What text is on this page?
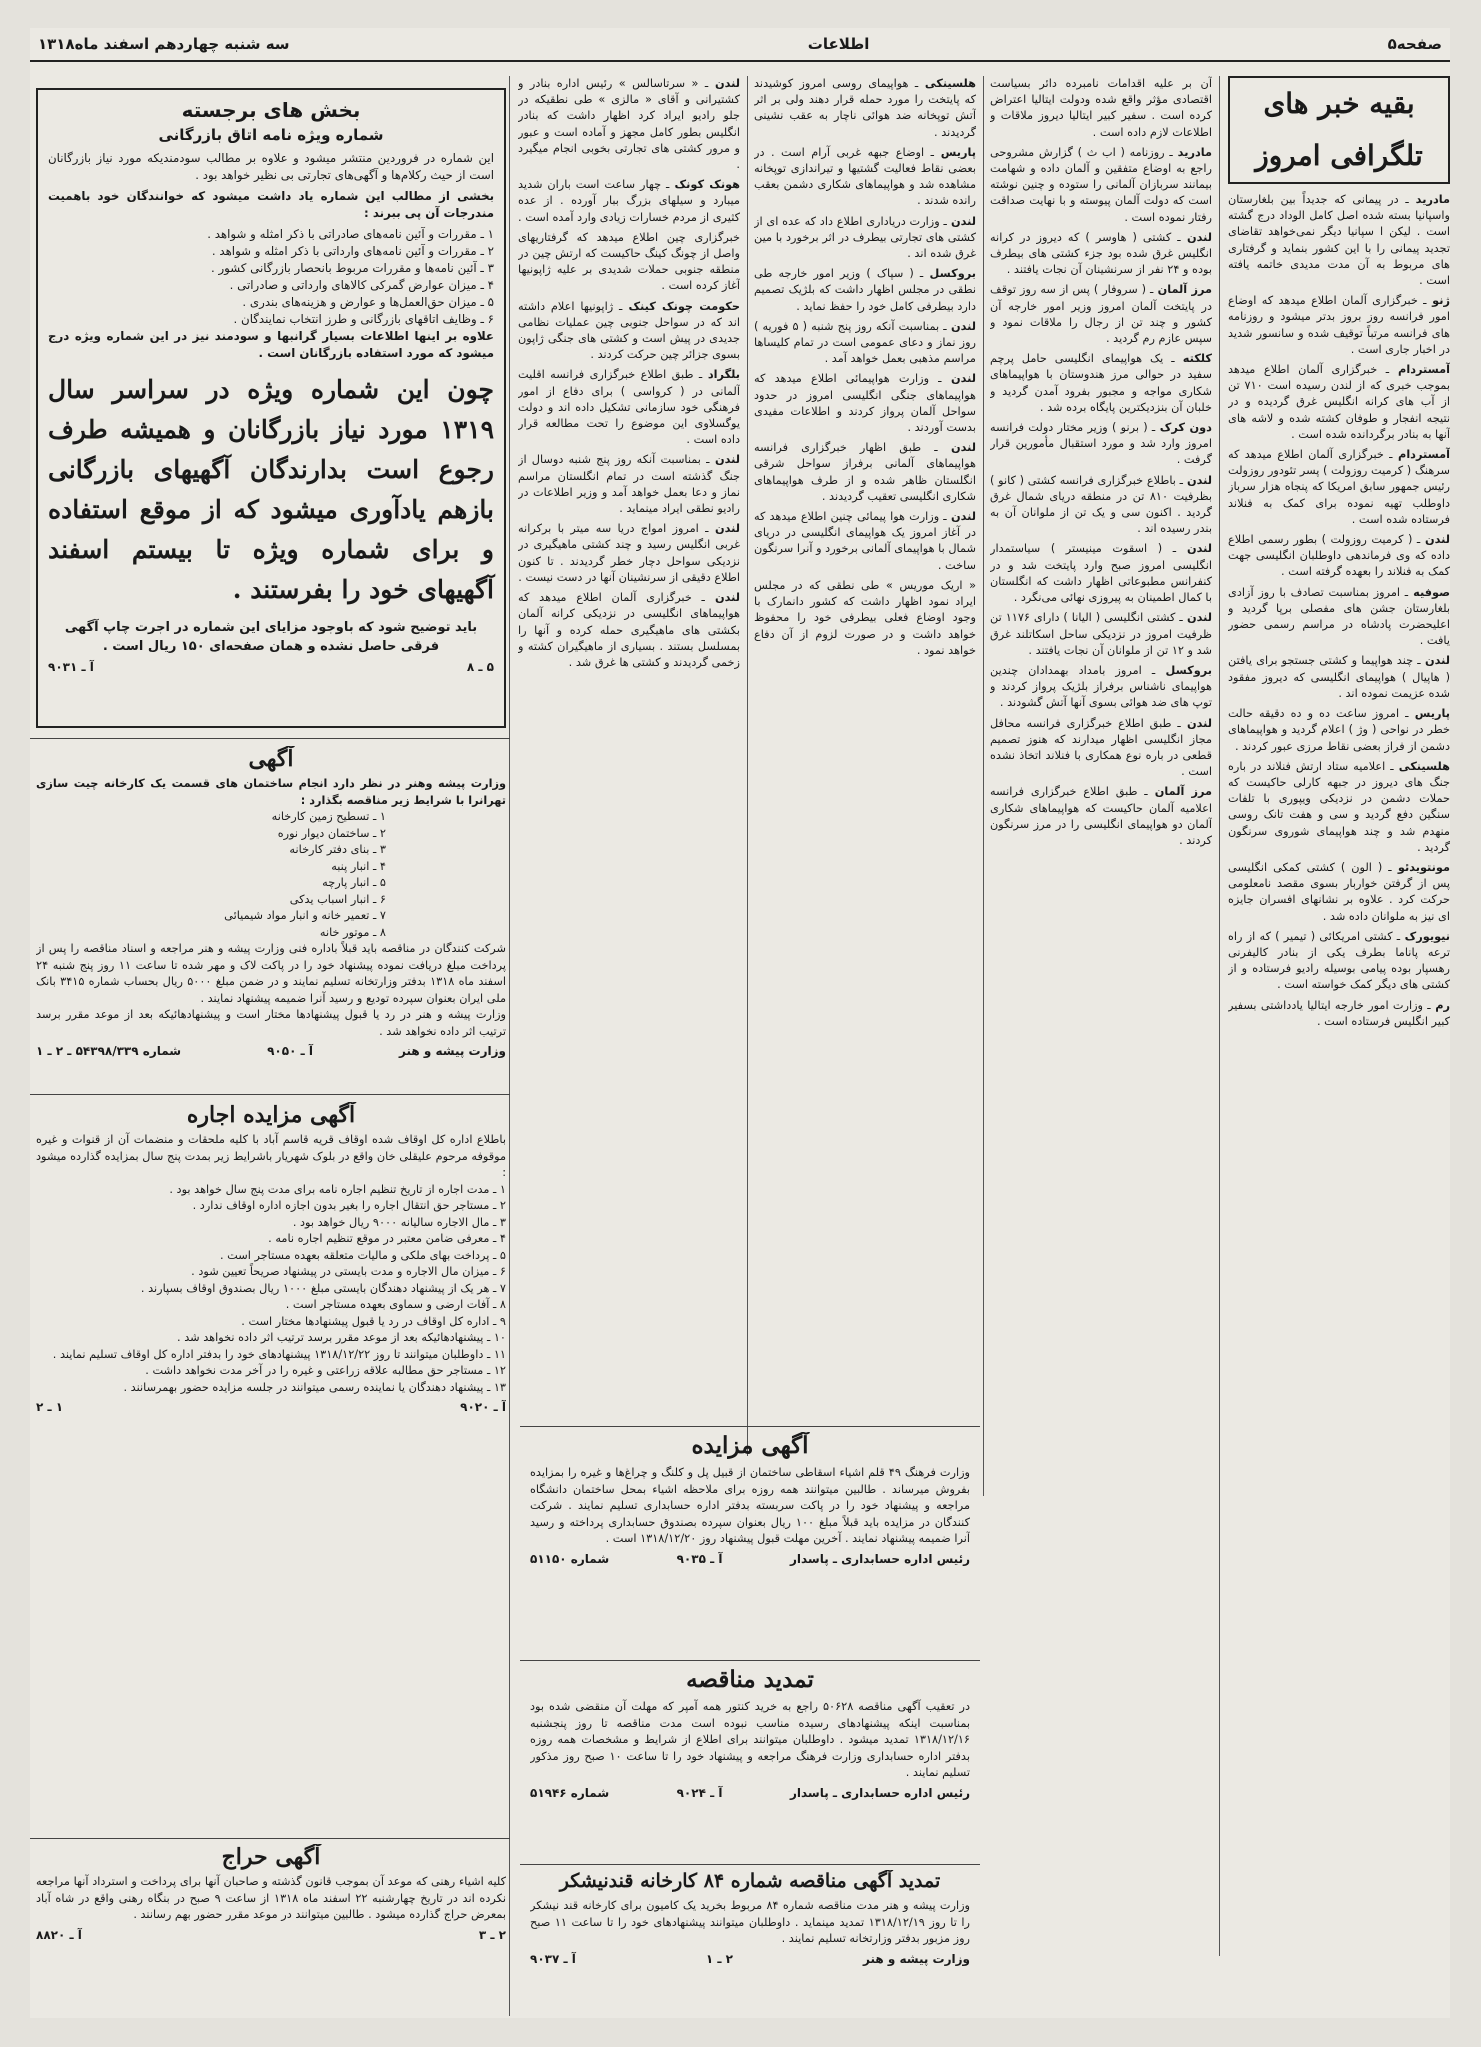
صفحه۵
اطلاعات
سه شنبه چهاردهم اسفند ماه۱۳۱۸
بقیه خبر های تلگرافی امروز

مادرید ـ در پیمانی که جدیداً بین بلغارستان واسپانیا بسته شده اصل کامل الوداد درج گشته است . لیکن ا سپانیا دیگر نمی‌خواهد تقاضای تجدید پیمانی را با این کشور بنماید و گرفتاری های مربوط به آن مدت مدیدی خاتمه یافته است .

ژنو ـ خبرگزاری آلمان اطلاع میدهد که اوضاع امور فرانسه روز بروز بدتر میشود و روزنامه های فرانسه مرتباً توقیف شده و سانسور شدید در اخبار جاری است .

آمستردام ـ خبرگزاری آلمان اطلاع میدهد بموجب خبری که از لندن رسیده است ۷۱۰ تن از آب های کرانه انگلیس غرق گردیده و در نتیجه انفجار و طوفان کشته شده و لاشه های آنها به بنادر برگردانده شده است .

آمستردام ـ خبرگزاری آلمان اطلاع میدهد که سرهنگ ( کرمیت روزولت ) پسر تئودور روزولت رئیس جمهور سابق امریکا که پنجاه هزار سرباز داوطلب تهیه نموده برای کمک به فنلاند فرستاده شده است .

لندن ـ ( کرمیت روزولت ) بطور رسمی اطلاع داده که وی فرماندهی داوطلبان انگلیسی جهت کمک به فنلاند را بعهده گرفته است .

صوفیه ـ امروز بمناسبت تصادف با روز آزادی بلغارستان جشن های مفصلی برپا گردید و اعلیحضرت پادشاه در مراسم رسمی حضور یافت .

لندن ـ چند هواپیما و کشتی جستجو برای یافتن ( هاپیال ) هواپیمای انگلیسی که دیروز مفقود شده عزیمت نموده اند .

پاریس ـ امروز ساعت ده و ده دقیقه حالت خطر در نواحی ( و‌ژ ) اعلام گردید و هواپیماهای دشمن از فراز بعضی نقاط مرزی عبور کردند .

هلسینکی ـ اعلامیه ستاد ارتش فنلاند در باره جنگ های دیروز در جبهه کارلی حاکیست که حملات دشمن در نزدیکی ویپوری با تلفات سنگین دفع گردید و سی و هفت تانک روسی منهدم شد و چند هواپیمای شوروی سرنگون گردید .

مونتویدئو ـ ( الون ) کشتی کمکی انگلیسی پس از گرفتن خواربار بسوی مقصد نامعلومی حرکت کرد . علاوه بر نشانهای افسران جایزه ای نیز به ملوانان داده شد .

نیویورک ـ کشتی امریکائی ( تیمیر ) که از راه ترعه پاناما بطرف یکی از بنادر کالیفرنی رهسپار بوده پیامی بوسیله رادیو فرستاده و از کشتی های دیگر کمک خواسته است .

رم ـ وزارت امور خارجه ایتالیا یادداشتی بسفیر کبیر انگلیس فرستاده است .

آن بر علیه اقدامات نامبرده دائر بسیاست اقتصادی مؤثر واقع شده ودولت ایتالیا اعتراض کرده است . سفیر کبیر ایتالیا دیروز ملاقات و اطلاعات لازم داده است .

مادرید ـ روزنامه ( اب ث ) گزارش مشروحی راجع به اوضاع متفقین و آلمان داده و شهامت بیمانند سربازان آلمانی را ستوده و چنین نوشته است که دولت آلمان پیوسته و با نهایت صداقت رفتار نموده است .

لندن ـ کشتی ( هاوسر ) که دیروز در کرانه انگلیس غرق شده بود جزء کشتی های بیطرف بوده و ۲۴ نفر از سرنشینان آن نجات یافتند .

مرز آلمان ـ ( سروفار ) پس از سه روز توقف در پایتخت آلمان امروز وزیر امور خارجه آن کشور و چند تن از رجال را ملاقات نمود و سپس عازم رم گردید .

کلکته ـ یک هواپیمای انگلیسی حامل پرچم سفید در حوالی مرز هندوستان با هواپیماهای شکاری مواجه و مجبور بفرود آمدن گردید و خلبان آن بنزدیکترین پایگاه برده شد .

دون کرک ـ ( برنو ) وزیر مختار دولت فرانسه امروز وارد شد و مورد استقبال مأمورین قرار گرفت .

لندن ـ باطلاع خبرگزاری فرانسه کشتی ( کانو ) بظرفیت ۸۱۰ تن در منطقه دریای شمال غرق گردید . اکنون سی و یک تن از ملوانان آن به بندر رسیده اند .

لندن ـ ( اسقوت مینیستر ) سیاستمدار انگلیسی امروز صبح وارد پایتخت شد و در کنفرانس مطبوعاتی اظهار داشت که انگلستان با کمال اطمینان به پیروزی نهائی می‌نگرد .

لندن ـ کشتی انگلیسی ( الیانا ) دارای ۱۱۷۶ تن ظرفیت امروز در نزدیکی ساحل اسکاتلند غرق شد و ۱۲ تن از ملوانان آن نجات یافتند .

بروکسل ـ امروز بامداد بهمدادان چندین هواپیمای ناشناس برفراز بلژیک پرواز کردند و توپ های ضد هوائی بسوی آنها آتش گشودند .

لندن ـ طبق اطلاع خبرگزاری فرانسه محافل مجاز انگلیسی اظهار میدارند که هنوز تصمیم قطعی در باره نوع همکاری با فنلاند اتخاذ نشده است .

مرز آلمان ـ طبق اطلاع خبرگزاری فرانسه اعلامیه آلمان حاکیست که هواپیماهای شکاری آلمان دو هواپیمای انگلیسی را در مرز سرنگون کردند .

هلسینکی ـ هواپیمای روسی امروز کوشیدند که پایتخت را مورد حمله قرار دهند ولی بر اثر آتش توپخانه ضد هوائی ناچار به عقب نشینی گردیدند .

پاریس ـ اوضاع جبهه غربی آرام است . در بعضی نقاط فعالیت گشتیها و تیراندازی توپخانه مشاهده شد و هواپیماهای شکاری دشمن بعقب رانده شدند .

لندن ـ وزارت دریاداری اطلاع داد که عده ای از کشتی های تجارتی بیطرف در اثر برخورد با مین غرق شده اند .

بروکسل ـ ( سپاک ) وزیر امور خارجه طی نطقی در مجلس اظهار داشت که بلژیک تصمیم دارد بیطرفی کامل خود را حفظ نماید .

لندن ـ بمناسبت آنکه روز پنج شنبه ( ۵ فوریه ) روز نماز و دعای عمومی است در تمام کلیساها مراسم مذهبی بعمل خواهد آمد .

لندن ـ وزارت هواپیمائی اطلاع میدهد که هواپیماهای جنگی انگلیسی امروز در حدود سواحل آلمان پرواز کردند و اطلاعات مفیدی بدست آوردند .

لندن ـ طبق اظهار خبرگزاری فرانسه هواپیماهای آلمانی برفراز سواحل شرقی انگلستان ظاهر شده و از طرف هواپیماهای شکاری انگلیسی تعقیب گردیدند .

لندن ـ وزارت هوا پیمائی چنین اطلاع میدهد که در آغاز امروز یک هواپیمای انگلیسی در دریای شمال با هواپیمای آلمانی برخورد و آنرا سرنگون ساخت .

« اریک موریس » طی نطقی که در مجلس ایراد نمود اظهار داشت که کشور دانمارک با وجود اوضاع فعلی بیطرفی خود را محفوظ خواهد داشت و در صورت لزوم از آن دفاع خواهد نمود .

لندن ـ « سرتاسالس » رئیس اداره بنادر و کشتیرانی و آقای « مالزی » طی نطقیکه در جلو رادیو ایراد کرد اظهار داشت که بنادر انگلیس بطور کامل مجهز و آماده است و عبور و مرور کشتی های تجارتی بخوبی انجام میگیرد .

هونک کونک ـ چهار ساعت است باران شدید میبارد و سیلهای بزرگ ببار آورده . از عده کثیری از مردم خسارات زیادی وارد آمده است .

خبرگزاری چین اطلاع میدهد که گرفتاریهای واصل از چونگ کینگ حاکیست که ارتش چین در منطقه جنوبی حملات شدیدی بر علیه ژاپونیها آغاز کرده است .

حکومت چونک کینک ـ ژاپونیها اعلام داشته اند که در سواحل جنوبی چین عملیات نظامی جدیدی در پیش است و کشتی های جنگی ژاپون بسوی جزائر چین حرکت کردند .

بلگراد ـ طبق اطلاع خبرگزاری فرانسه اقلیت آلمانی در ( کرواسی ) برای دفاع از امور فرهنگی خود سازمانی تشکیل داده اند و دولت یوگسلاوی این موضوع را تحت مطالعه قرار داده است .

لندن ـ بمناسبت آنکه روز پنج شنبه دوسال از جنگ گذشته است در تمام انگلستان مراسم نماز و دعا بعمل خواهد آمد و وزیر اطلاعات در رادیو نطقی ایراد مینماید .

لندن ـ امروز امواج دریا سه میتر با برکرانه غربی انگلیس رسید و چند کشتی ماهیگیری در نزدیکی سواحل دچار خطر گردیدند . تا کنون اطلاع دقیقی از سرنشینان آنها در دست نیست .

لندن ـ خبرگزاری آلمان اطلاع میدهد که هواپیماهای انگلیسی در نزدیکی کرانه آلمان بکشتی های ماهیگیری حمله کرده و آنها را بمسلسل بستند . بسیاری از ماهیگیران کشته و زخمی گردیدند و کشتی ها غرق شد .

بخش های برجسته
شماره ویژه نامه اتاق بازرگانی
این شماره در فروردین منتشر میشود و علاوه بر مطالب سودمندیکه مورد نیاز بازرگانان است از حیث رکلام‌ها و آگهی‌های تجارتی بی نظیر خواهد بود .
بخشی از مطالب این شماره یاد داشت میشود که خوانندگان خود باهمیت مندرجات آن پی ببرند :
۱ ـ مقررات و آئین نامه‌های صادراتی با ذکر امثله و شواهد .
۲ ـ مقررات و آئین نامه‌های وارداتی با ذکر امثله و شواهد .
۳ ـ آئین نامه‌ها و مقررات مربوط بانحصار بازرگانی کشور .
۴ ـ میزان عوارض گمرکی کالاهای وارداتی و صادراتی .
۵ ـ میزان حق‌العمل‌ها و عوارض و هزینه‌های بندری .
۶ ـ وظایف اتاقهای بازرگانی و طرز انتخاب نمایندگان .
علاوه بر اینها اطلاعات بسیار گرانبها و سودمند نیز در این شماره ویژه درج میشود که مورد استفاده بازرگانان است .
چون این شماره ویژه در سراسر سال ۱۳۱۹ مورد نیاز بازرگانان و همیشه طرف رجوع است بدارندگان آگهیهای بازرگانی بازهم یادآوری میشود که از موقع استفاده و برای شماره ویژه تا بیستم اسفند آگهیهای خود را بفرستند .
باید توضیح شود که باوجود مزایای این شماره در اجرت چاپ آگهی فرقی حاصل نشده و همان صفحه‌ای ۱۵۰ ریال است .
۵ ـ ۸
آ ـ ۹۰۳۱
آگهی
وزارت پیشه وهنر در نظر دارد انجام ساختمان های قسمت یک کارخانه چیت سازی تهرانرا با شرایط زیر مناقصه بگذارد :
۱ ـ تسطیح زمین کارخانه
۲ ـ ساختمان دیوار نوره
۳ ـ بنای دفتر کارخانه
۴ ـ انبار پنبه
۵ ـ انبار پارچه
۶ ـ انبار اسباب یدکی
۷ ـ تعمیر خانه و انبار مواد شیمیائی
۸ ـ موتور خانه
شرکت کنندگان در مناقصه باید قبلاً باداره فنی وزارت پیشه و هنر مراجعه و اسناد مناقصه را پس از پرداخت مبلغ دریافت نموده پیشنهاد خود را در پاکت لاک و مهر شده تا ساعت ۱۱ روز پنج شنبه ۲۴ اسفند ماه ۱۳۱۸ بدفتر وزارتخانه تسلیم نمایند و در ضمن مبلغ ۵۰۰۰ ریال بحساب شماره ۳۴۱۵ بانک ملی ایران بعنوان سپرده تودیع و رسید آنرا ضمیمه پیشنهاد نمایند .
وزارت پیشه و هنر در رد یا قبول پیشنهادها مختار است و پیشنهادهائیکه بعد از موعد مقرر برسد ترتیب اثر داده نخواهد شد .
وزارت پیشه و هنر
آ ـ ۹۰۵۰
شماره ۵۴۳۹۸/۳۳۹ ـ ۲ ـ ۱
آگهی مزایده اجاره
باطلاع اداره کل اوقاف شده اوقاف قریه قاسم آباد با کلیه ملحقات و منضمات آن از قنوات و غیره موقوفه مرحوم علیقلی خان واقع در بلوک شهریار باشرایط زیر بمدت پنج سال بمزایده گذارده میشود :
۱ ـ مدت اجاره از تاریخ تنظیم اجاره نامه برای مدت پنج سال خواهد بود .
۲ ـ مستاجر حق انتقال اجاره را بغیر بدون اجازه اداره اوقاف ندارد .
۳ ـ مال الاجاره سالیانه ۹۰۰۰ ریال خواهد بود .
۴ ـ معرفی ضامن معتبر در موقع تنظیم اجاره نامه .
۵ ـ پرداخت بهای ملکی و مالیات متعلقه بعهده مستاجر است .
۶ ـ میزان مال الاجاره و مدت بایستی در پیشنهاد صریحاً تعیین شود .
۷ ـ هر یک از پیشنهاد دهندگان بایستی مبلغ ۱۰۰۰ ریال بصندوق اوقاف بسپارند .
۸ ـ آفات ارضی و سماوی بعهده مستاجر است .
۹ ـ اداره کل اوقاف در رد یا قبول پیشنهادها مختار است .
۱۰ ـ پیشنهادهائیکه بعد از موعد مقرر برسد ترتیب اثر داده نخواهد شد .
۱۱ ـ داوطلبان میتوانند تا روز ۱۳۱۸/۱۲/۲۲ پیشنهادهای خود را بدفتر اداره کل اوقاف تسلیم نمایند .
۱۲ ـ مستاجر حق مطالبه علاقه زراعتی و غیره را در آخر مدت نخواهد داشت .
۱۳ ـ پیشنهاد دهندگان یا نماینده رسمی میتوانند در جلسه مزایده حضور بهمرسانند .
آ ـ ۹۰۲۰
۱ ـ ۲
آگهی حراج
کلیه اشیاء رهنی که موعد آن بموجب قانون گذشته و صاحبان آنها برای پرداخت و استرداد آنها مراجعه نکرده اند در تاریخ چهارشنبه ۲۲ اسفند ماه ۱۳۱۸ از ساعت ۹ صبح در بنگاه رهنی واقع در شاه آباد بمعرض حراج گذارده میشود . طالبین میتوانند در موعد مقرر حضور بهم رسانند .
۲ ـ ۳
آ ـ ۸۸۲۰
آگهی مزایده
وزارت فرهنگ ۴۹ قلم اشیاء اسقاطی ساختمان از قبیل پل و کلنگ و چراغ‌ها و غیره را بمزایده بفروش میرساند . طالبین میتوانند همه روزه برای ملاحظه اشیاء بمحل ساختمان دانشگاه مراجعه و پیشنهاد خود را در پاکت سربسته بدفتر اداره حسابداری تسلیم نمایند . شرکت کنندگان در مزایده باید قبلاً مبلغ ۱۰۰ ریال بعنوان سپرده بصندوق حسابداری پرداخته و رسید آنرا ضمیمه پیشنهاد نمایند . آخرین مهلت قبول پیشنهاد روز ۱۳۱۸/۱۲/۲۰ است .
رئیس اداره حسابداری ـ پاسدار
آ ـ ۹۰۳۵
شماره ۵۱۱۵۰
تمدید مناقصه
در تعقیب آگهی مناقصه ۵۰۶۲۸ راجع به خرید کنتور همه آمپر که مهلت آن منقضی شده بود بمناسبت اینکه پیشنهادهای رسیده مناسب نبوده است مدت مناقصه تا روز پنجشنبه ۱۳۱۸/۱۲/۱۶ تمدید میشود . داوطلبان میتوانند برای اطلاع از شرایط و مشخصات همه روزه بدفتر اداره حسابداری وزارت فرهنگ مراجعه و پیشنهاد خود را تا ساعت ۱۰ صبح روز مذکور تسلیم نمایند .
رئیس اداره حسابداری ـ پاسدار
آ ـ ۹۰۲۴
شماره ۵۱۹۴۶
تمدید آگهی مناقصه شماره ۸۴ کارخانه قندنیشکر
وزارت پیشه و هنر مدت مناقصه شماره ۸۴ مربوط بخرید یک کامیون برای کارخانه قند نیشکر را تا روز ۱۳۱۸/۱۲/۱۹ تمدید مینماید . داوطلبان میتوانند پیشنهادهای خود را تا ساعت ۱۱ صبح روز مزبور بدفتر وزارتخانه تسلیم نمایند .
وزارت پیشه و هنر
۲ ـ ۱
آ ـ ۹۰۳۷
